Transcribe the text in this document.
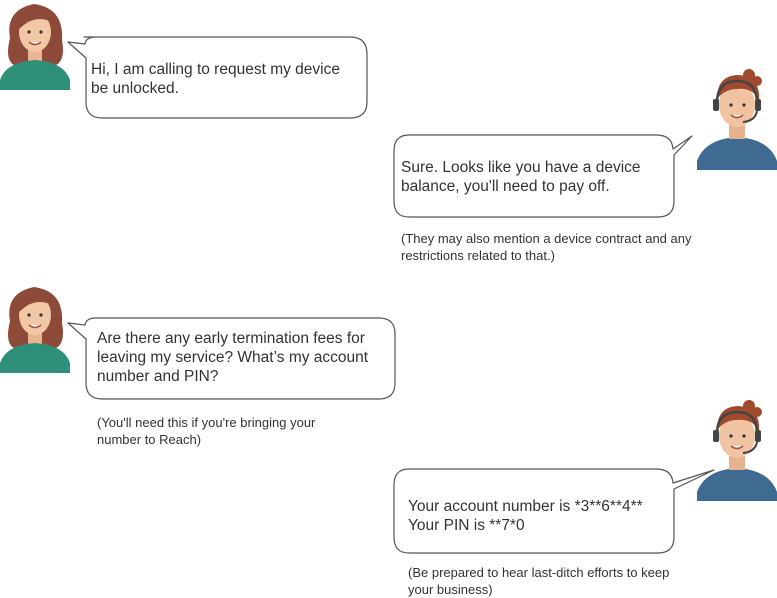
Hi, I am calling to request my device
be unlocked.
Sure. Looks like you have a device
balance, you'll need to pay off.
(They may also mention a device contract and any restrictions related to that.)
Are there any early termination fees for
leaving my service? What’s my account
number and PIN?
(You'll need this if you're bringing your number to Reach)
Your account number is *3**6**4**
Your PIN is **7*0
(Be prepared to hear last-ditch efforts to keep your business)
